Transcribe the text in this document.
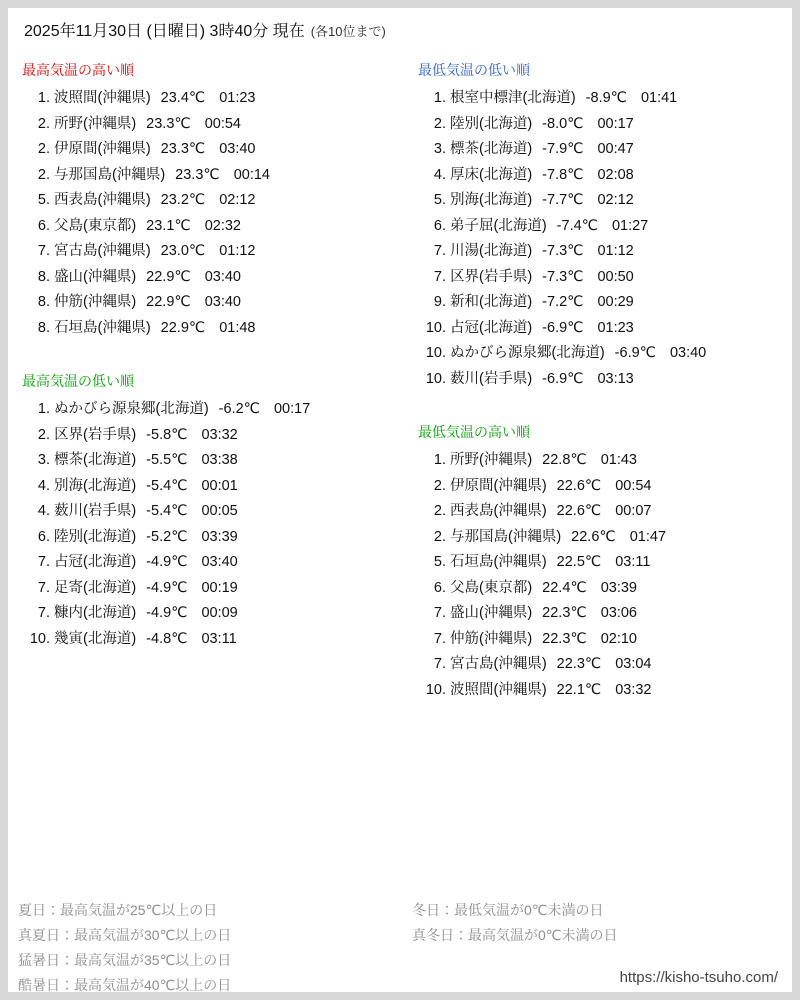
2025年11月30日 (日曜日) 3時40分 現在 (各10位まで)
最高気温の高い順
1. 波照間(沖縄県) 23.4℃ 01:23
2. 所野(沖縄県) 23.3℃ 00:54
2. 伊原間(沖縄県) 23.3℃ 03:40
2. 与那国島(沖縄県) 23.3℃ 00:14
5. 西表島(沖縄県) 23.2℃ 02:12
6. 父島(東京都) 23.1℃ 02:32
7. 宮古島(沖縄県) 23.0℃ 01:12
8. 盛山(沖縄県) 22.9℃ 03:40
8. 仲筋(沖縄県) 22.9℃ 03:40
8. 石垣島(沖縄県) 22.9℃ 01:48
最高気温の低い順
1. ぬかびら源泉郷(北海道) -6.2℃ 00:17
2. 区界(岩手県) -5.8℃ 03:32
3. 標茶(北海道) -5.5℃ 03:38
4. 別海(北海道) -5.4℃ 00:01
4. 薮川(岩手県) -5.4℃ 00:05
6. 陸別(北海道) -5.2℃ 03:39
7. 占冠(北海道) -4.9℃ 03:40
7. 足寄(北海道) -4.9℃ 00:19
7. 糠内(北海道) -4.9℃ 00:09
10. 幾寅(北海道) -4.8℃ 03:11
最低気温の低い順
1. 根室中標津(北海道) -8.9℃ 01:41
2. 陸別(北海道) -8.0℃ 00:17
3. 標茶(北海道) -7.9℃ 00:47
4. 厚床(北海道) -7.8℃ 02:08
5. 別海(北海道) -7.7℃ 02:12
6. 弟子屈(北海道) -7.4℃ 01:27
7. 川湯(北海道) -7.3℃ 01:12
7. 区界(岩手県) -7.3℃ 00:50
9. 新和(北海道) -7.2℃ 00:29
10. 占冠(北海道) -6.9℃ 01:23
10. ぬかびら源泉郷(北海道) -6.9℃ 03:40
10. 薮川(岩手県) -6.9℃ 03:13
最低気温の高い順
1. 所野(沖縄県) 22.8℃ 01:43
2. 伊原間(沖縄県) 22.6℃ 00:54
2. 西表島(沖縄県) 22.6℃ 00:07
2. 与那国島(沖縄県) 22.6℃ 01:47
5. 石垣島(沖縄県) 22.5℃ 03:11
6. 父島(東京都) 22.4℃ 03:39
7. 盛山(沖縄県) 22.3℃ 03:06
7. 仲筋(沖縄県) 22.3℃ 02:10
7. 宮古島(沖縄県) 22.3℃ 03:04
10. 波照間(沖縄県) 22.1℃ 03:32
夏日：最高気温が25℃以上の日
真夏日：最高気温が30℃以上の日
猛暑日：最高気温が35℃以上の日
酷暑日：最高気温が40℃以上の日
冬日：最低気温が0℃未満の日
真冬日：最高気温が0℃未満の日
https://kisho-tsuho.com/
